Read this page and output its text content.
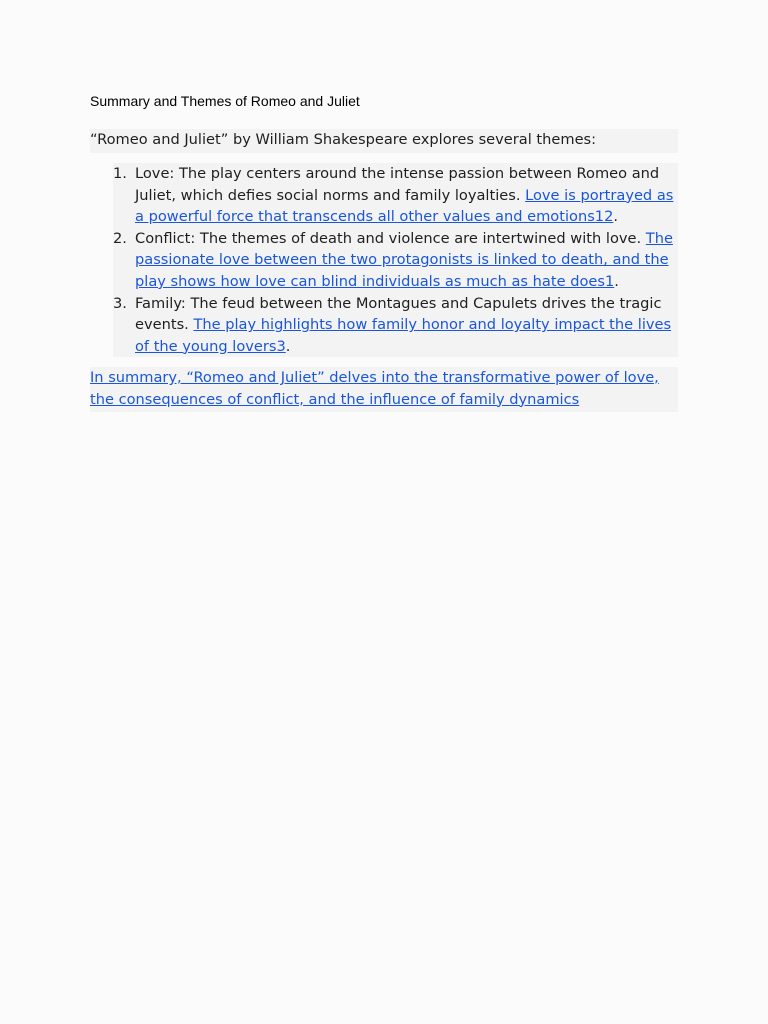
Summary and Themes of Romeo and Juliet
“Romeo and Juliet” by William Shakespeare explores several themes:
1. Love: The play centers around the intense passion between Romeo and Juliet, which defies social norms and family loyalties. Love is portrayed as a powerful force that transcends all other values and emotions12.
2. Conflict: The themes of death and violence are intertwined with love. The passionate love between the two protagonists is linked to death, and the play shows how love can blind individuals as much as hate does1.
3. Family: The feud between the Montagues and Capulets drives the tragic events. The play highlights how family honor and loyalty impact the lives of the young lovers3.
In summary, “Romeo and Juliet” delves into the transformative power of love, the consequences of conflict, and the influence of family dynamics
